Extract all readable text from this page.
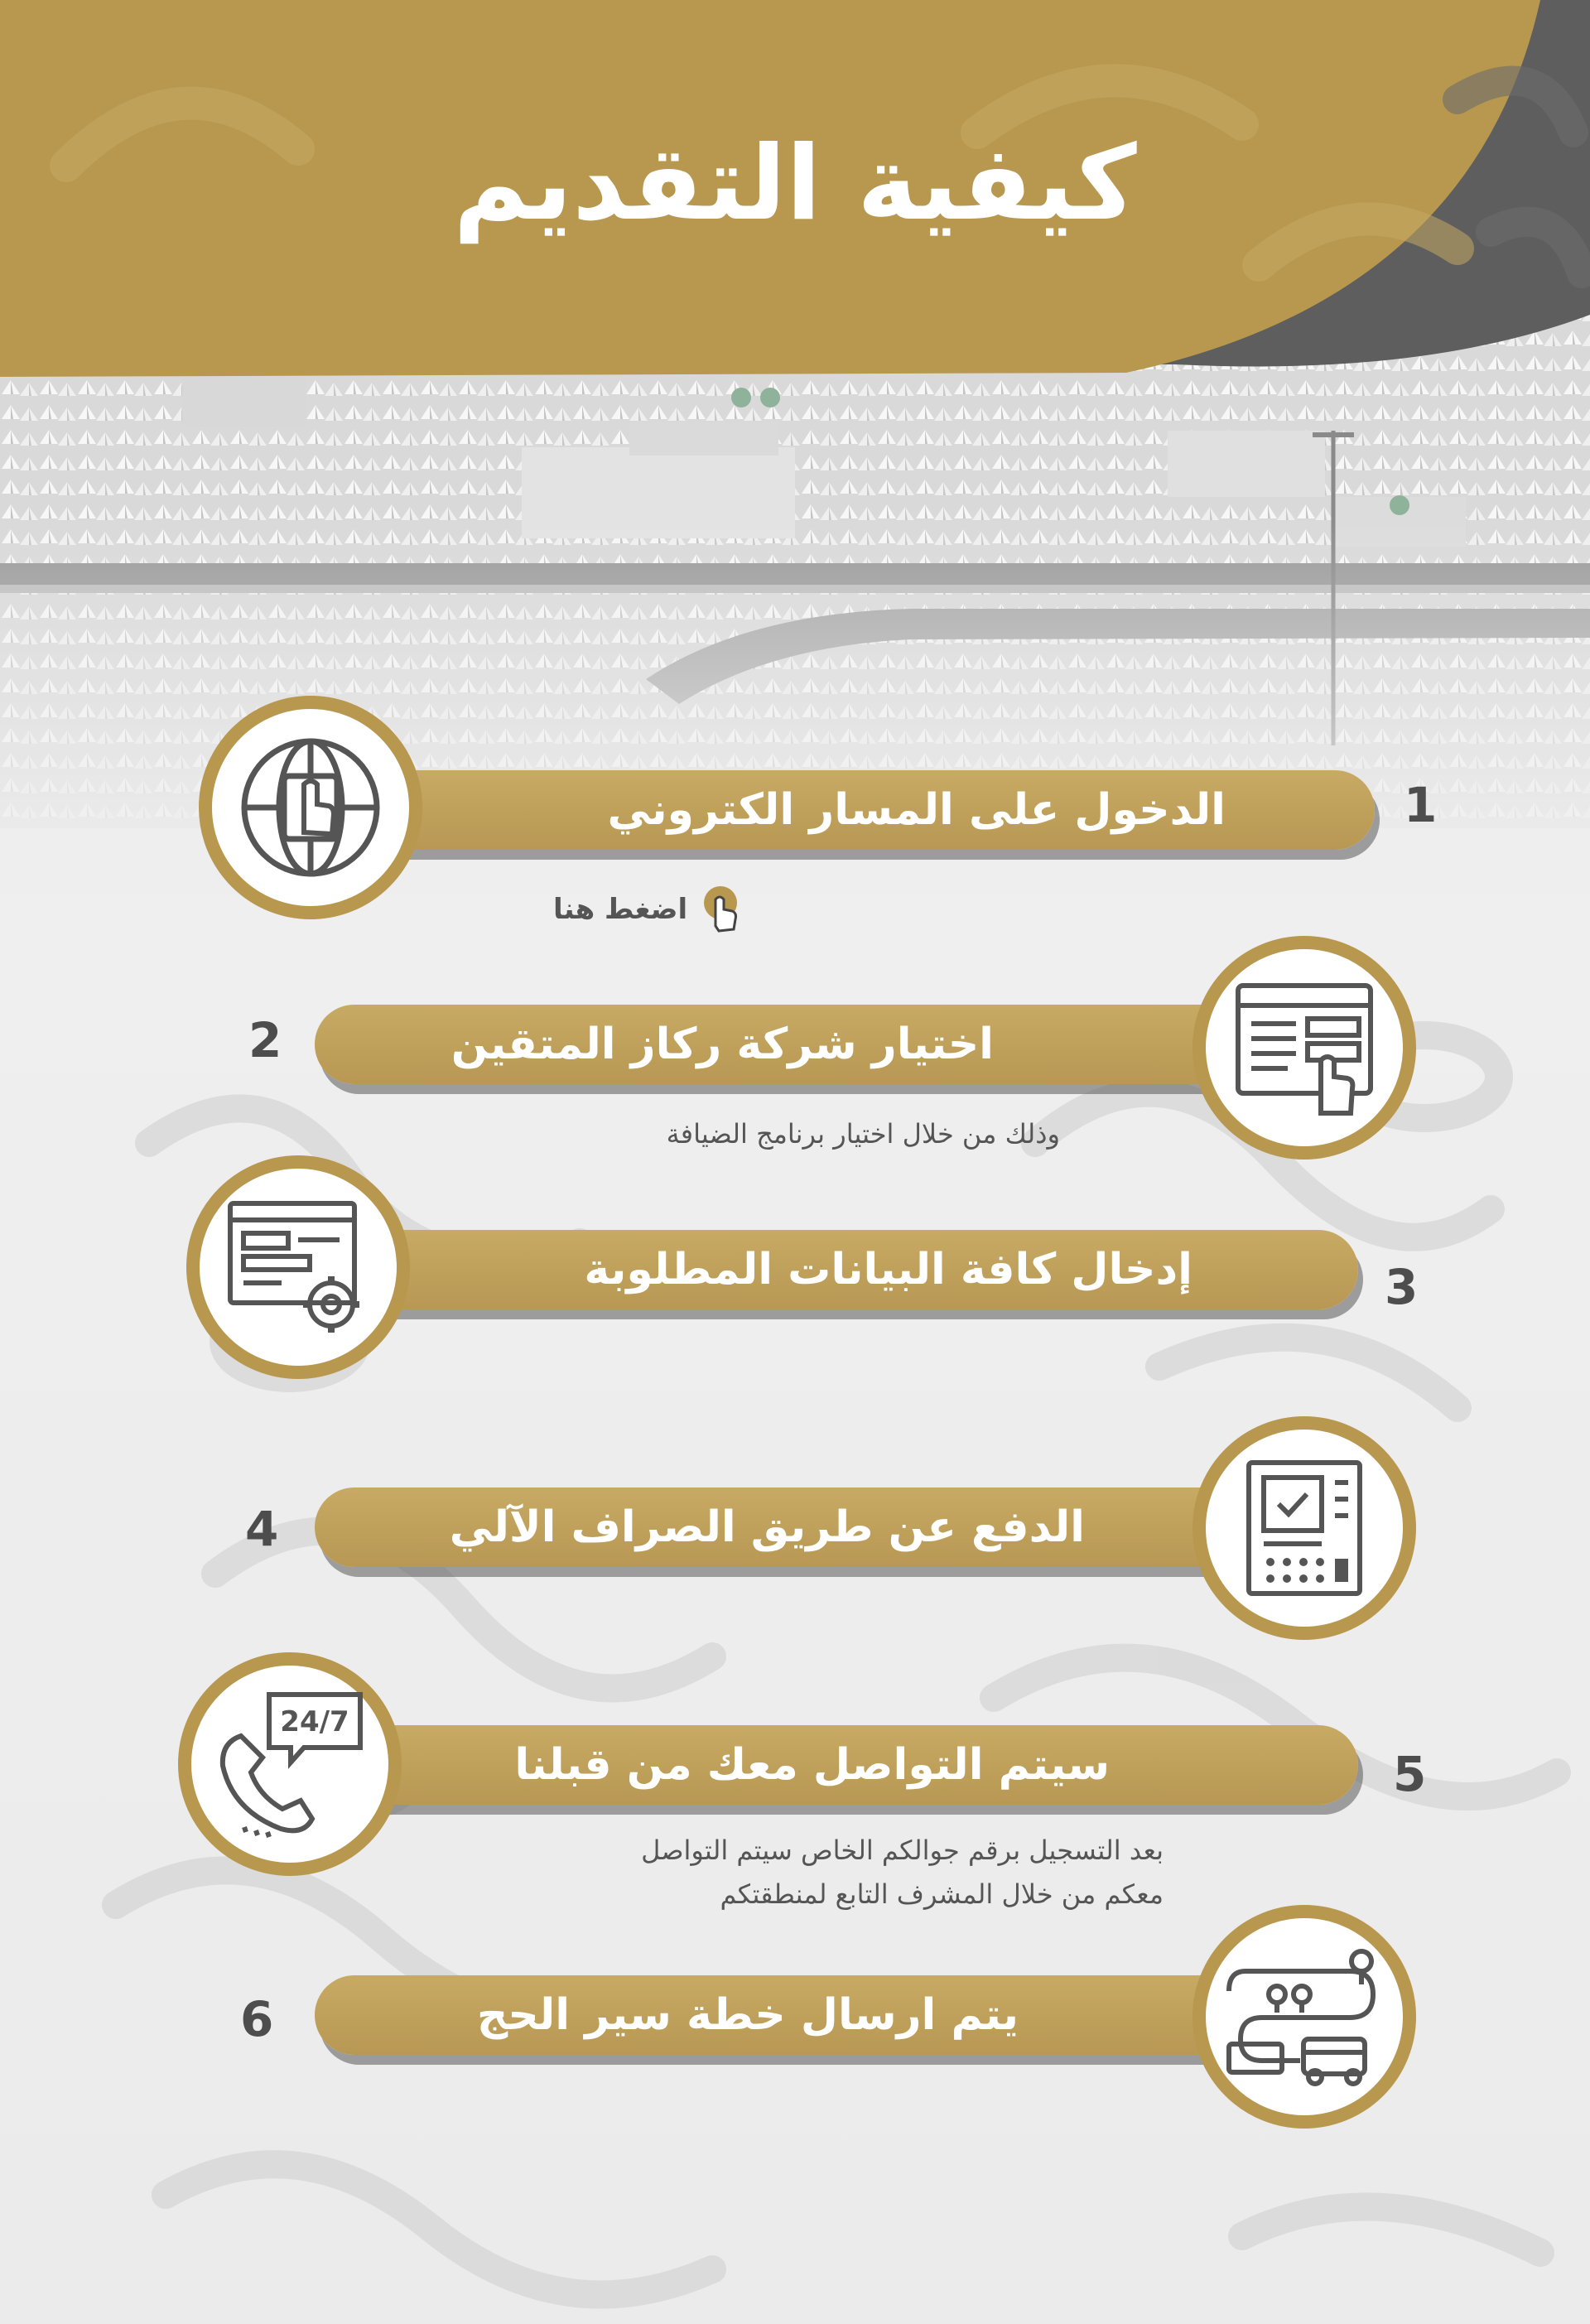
كيفية التقديم
الدخول على المسار الكتروني	1
اضغط هنا
اختيار شركة ركاز المتقين
2
وذلك من خلال اختيار برنامج الضيافة
إدخال كافة البيانات المطلوبة	3
الدفع عن طريق الصراف الآلي
4
سيتم التواصل معك من قبلنا	5
24/7
بعد التسجيل برقم جوالكم الخاص سيتم التواصل
معكم من خلال المشرف التابع لمنطقتكم
يتم ارسال خطة سير الحج
6
